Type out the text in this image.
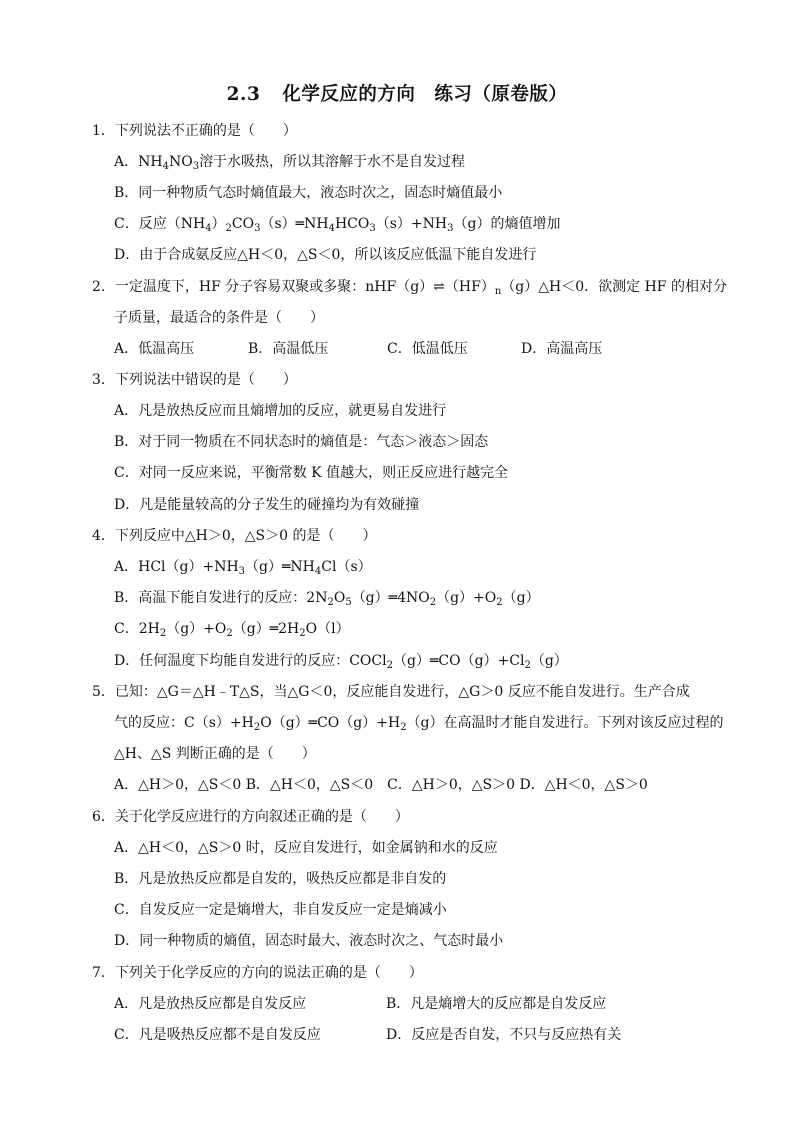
2.3 化学反应的方向　练习（原卷版）
1．下列说法不正确的是（　　）
A．$NH_4NO_3$溶于水吸热，所以其溶解于水不是自发过程
B．同一种物质气态时熵值最大，液态时次之，固态时熵值最小
C．反应$(NH_4)_2CO_3(s)═NH_4HCO_3(s)+NH_3(g)$的熵值增加
D．由于合成氨反应△H＜0，△S＜0，所以该反应低温下能自发进行
2．一定温度下，HF 分子容易双聚或多聚：$nHF(g)\rightleftharpoons(HF)_n(g)\triangle H<0$．欲测定 HF 的相对分
子质量，最适合的条件是（　　）
A．低温高压	B．高温低压	C．低温低压	D．高温高压
3．下列说法中错误的是（　　）
A．凡是放热反应而且熵增加的反应，就更易自发进行
B．对于同一物质在不同状态时的熵值是：气态＞液态＞固态
C．对同一反应来说，平衡常数 K 值越大，则正反应进行越完全
D．凡是能量较高的分子发生的碰撞均为有效碰撞
4．下列反应中△H＞0，△S＞0 的是（　　）
A．$HCl(g)+NH_3(g)═NH_4Cl(s)$
B．高温下能自发进行的反应：$2N_2O_5(g)═4NO_2(g)+O_2(g)$
C．$2H_2(g)+O_2(g)═2H_2O(l)$
D．任何温度下均能自发进行的反应：$COCl_2(g)═CO(g)+Cl_2(g)$
5．已知：△G＝△H﹣T△S，当△G＜0，反应能自发进行，△G＞0 反应不能自发进行。生产合成
气的反应：$C(s)+H_2O(g)═CO(g)+H_2(g)$在高温时才能自发进行。下列对该反应过程的
△H、△S 判断正确的是（　　）
A．△H＞0，△S＜0 B．△H＜0，△S＜0　C．△H＞0，△S＞0 D．△H＜0，△S＞0
6．关于化学反应进行的方向叙述正确的是（　　）
A．△H＜0，△S＞0 时，反应自发进行，如金属钠和水的反应
B．凡是放热反应都是自发的，吸热反应都是非自发的
C．自发反应一定是熵增大，非自发反应一定是熵减小
D．同一种物质的熵值，固态时最大、液态时次之、气态时最小
7．下列关于化学反应的方向的说法正确的是（　　）
A．凡是放热反应都是自发反应	B．凡是熵增大的反应都是自发反应
C．凡是吸热反应都不是自发反应	D．反应是否自发，不只与反应热有关
